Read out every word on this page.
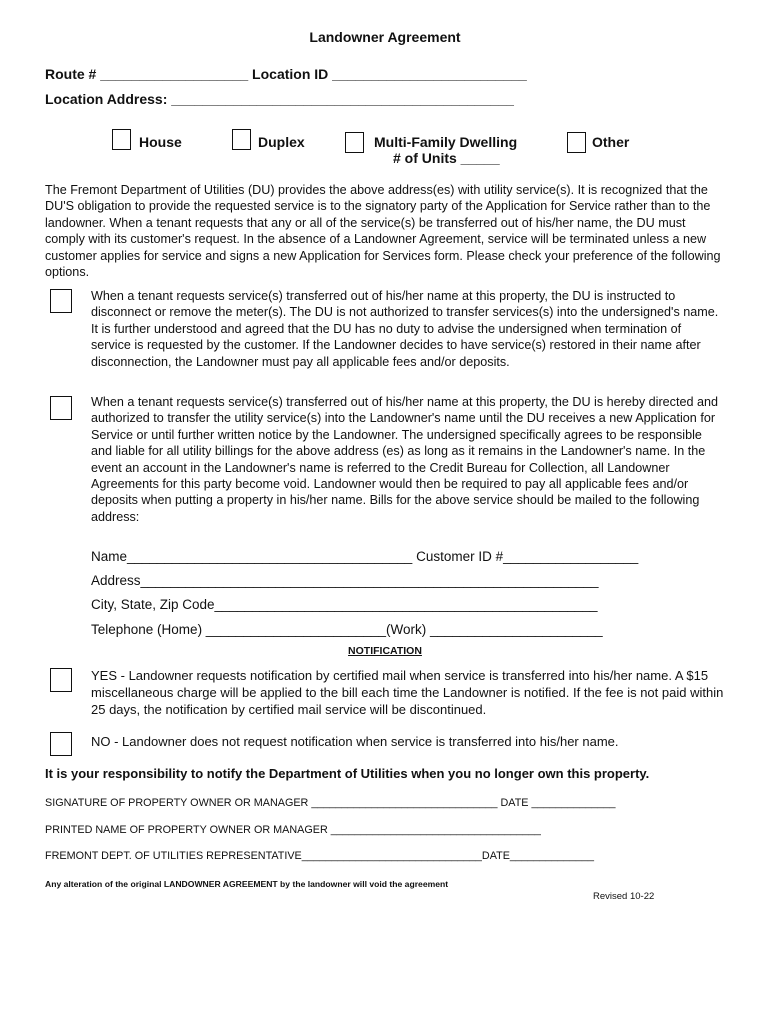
Landowner Agreement
Route # ___________________ Location ID _________________________
Location Address: ____________________________________________
House	Duplex	Multi-Family Dwelling
# of Units _____
Other
The Fremont Department of Utilities (DU) provides the above address(es) with utility service(s). It is recognized that the DU'S obligation to provide the requested service is to the signatory party of the Application for Service rather than to the landowner. When a tenant requests that any or all of the service(s) be transferred out of his/her name, the DU must comply with its customer's request. In the absence of a Landowner Agreement, service will be terminated unless a new customer applies for service and signs a new Application for Services form. Please check your preference of the following options.
When a tenant requests service(s) transferred out of his/her name at this property, the DU is instructed to disconnect or remove the meter(s). The DU is not authorized to transfer services(s) into the undersigned's name. It is further understood and agreed that the DU has no duty to advise the undersigned when termination of service is requested by the customer. If the Landowner decides to have service(s) restored in their name after disconnection, the Landowner must pay all applicable fees and/or deposits.
When a tenant requests service(s) transferred out of his/her name at this property, the DU is hereby directed and authorized to transfer the utility service(s) into the Landowner's name until the DU receives a new Application for Service or until further written notice by the Landowner. The undersigned specifically agrees to be responsible and liable for all utility billings for the above address (es) as long as it remains in the Landowner's name. In the event an account in the Landowner's name is referred to the Credit Bureau for Collection, all Landowner Agreements for this party become void. Landowner would then be required to pay all applicable fees and/or deposits when putting a property in his/her name. Bills for the above service should be mailed to the following address:
Name______________________________________ Customer ID #__________________
Address_____________________________________________________________
City, State, Zip Code___________________________________________________
Telephone (Home) ________________________(Work) _______________________
NOTIFICATION
YES - Landowner requests notification by certified mail when service is transferred into his/her name. A $15 miscellaneous charge will be applied to the bill each time the Landowner is notified. If the fee is not paid within 25 days, the notification by certified mail service will be discontinued.
NO - Landowner does not request notification when service is transferred into his/her name.
It is your responsibility to notify the Department of Utilities when you no longer own this property.
SIGNATURE OF PROPERTY OWNER OR MANAGER _______________________________ DATE ______________
PRINTED NAME OF PROPERTY OWNER OR MANAGER ___________________________________
FREMONT DEPT. OF UTILITIES REPRESENTATIVE______________________________DATE______________
Any alteration of the original LANDOWNER AGREEMENT by the landowner will void the agreement
Revised 10-22
